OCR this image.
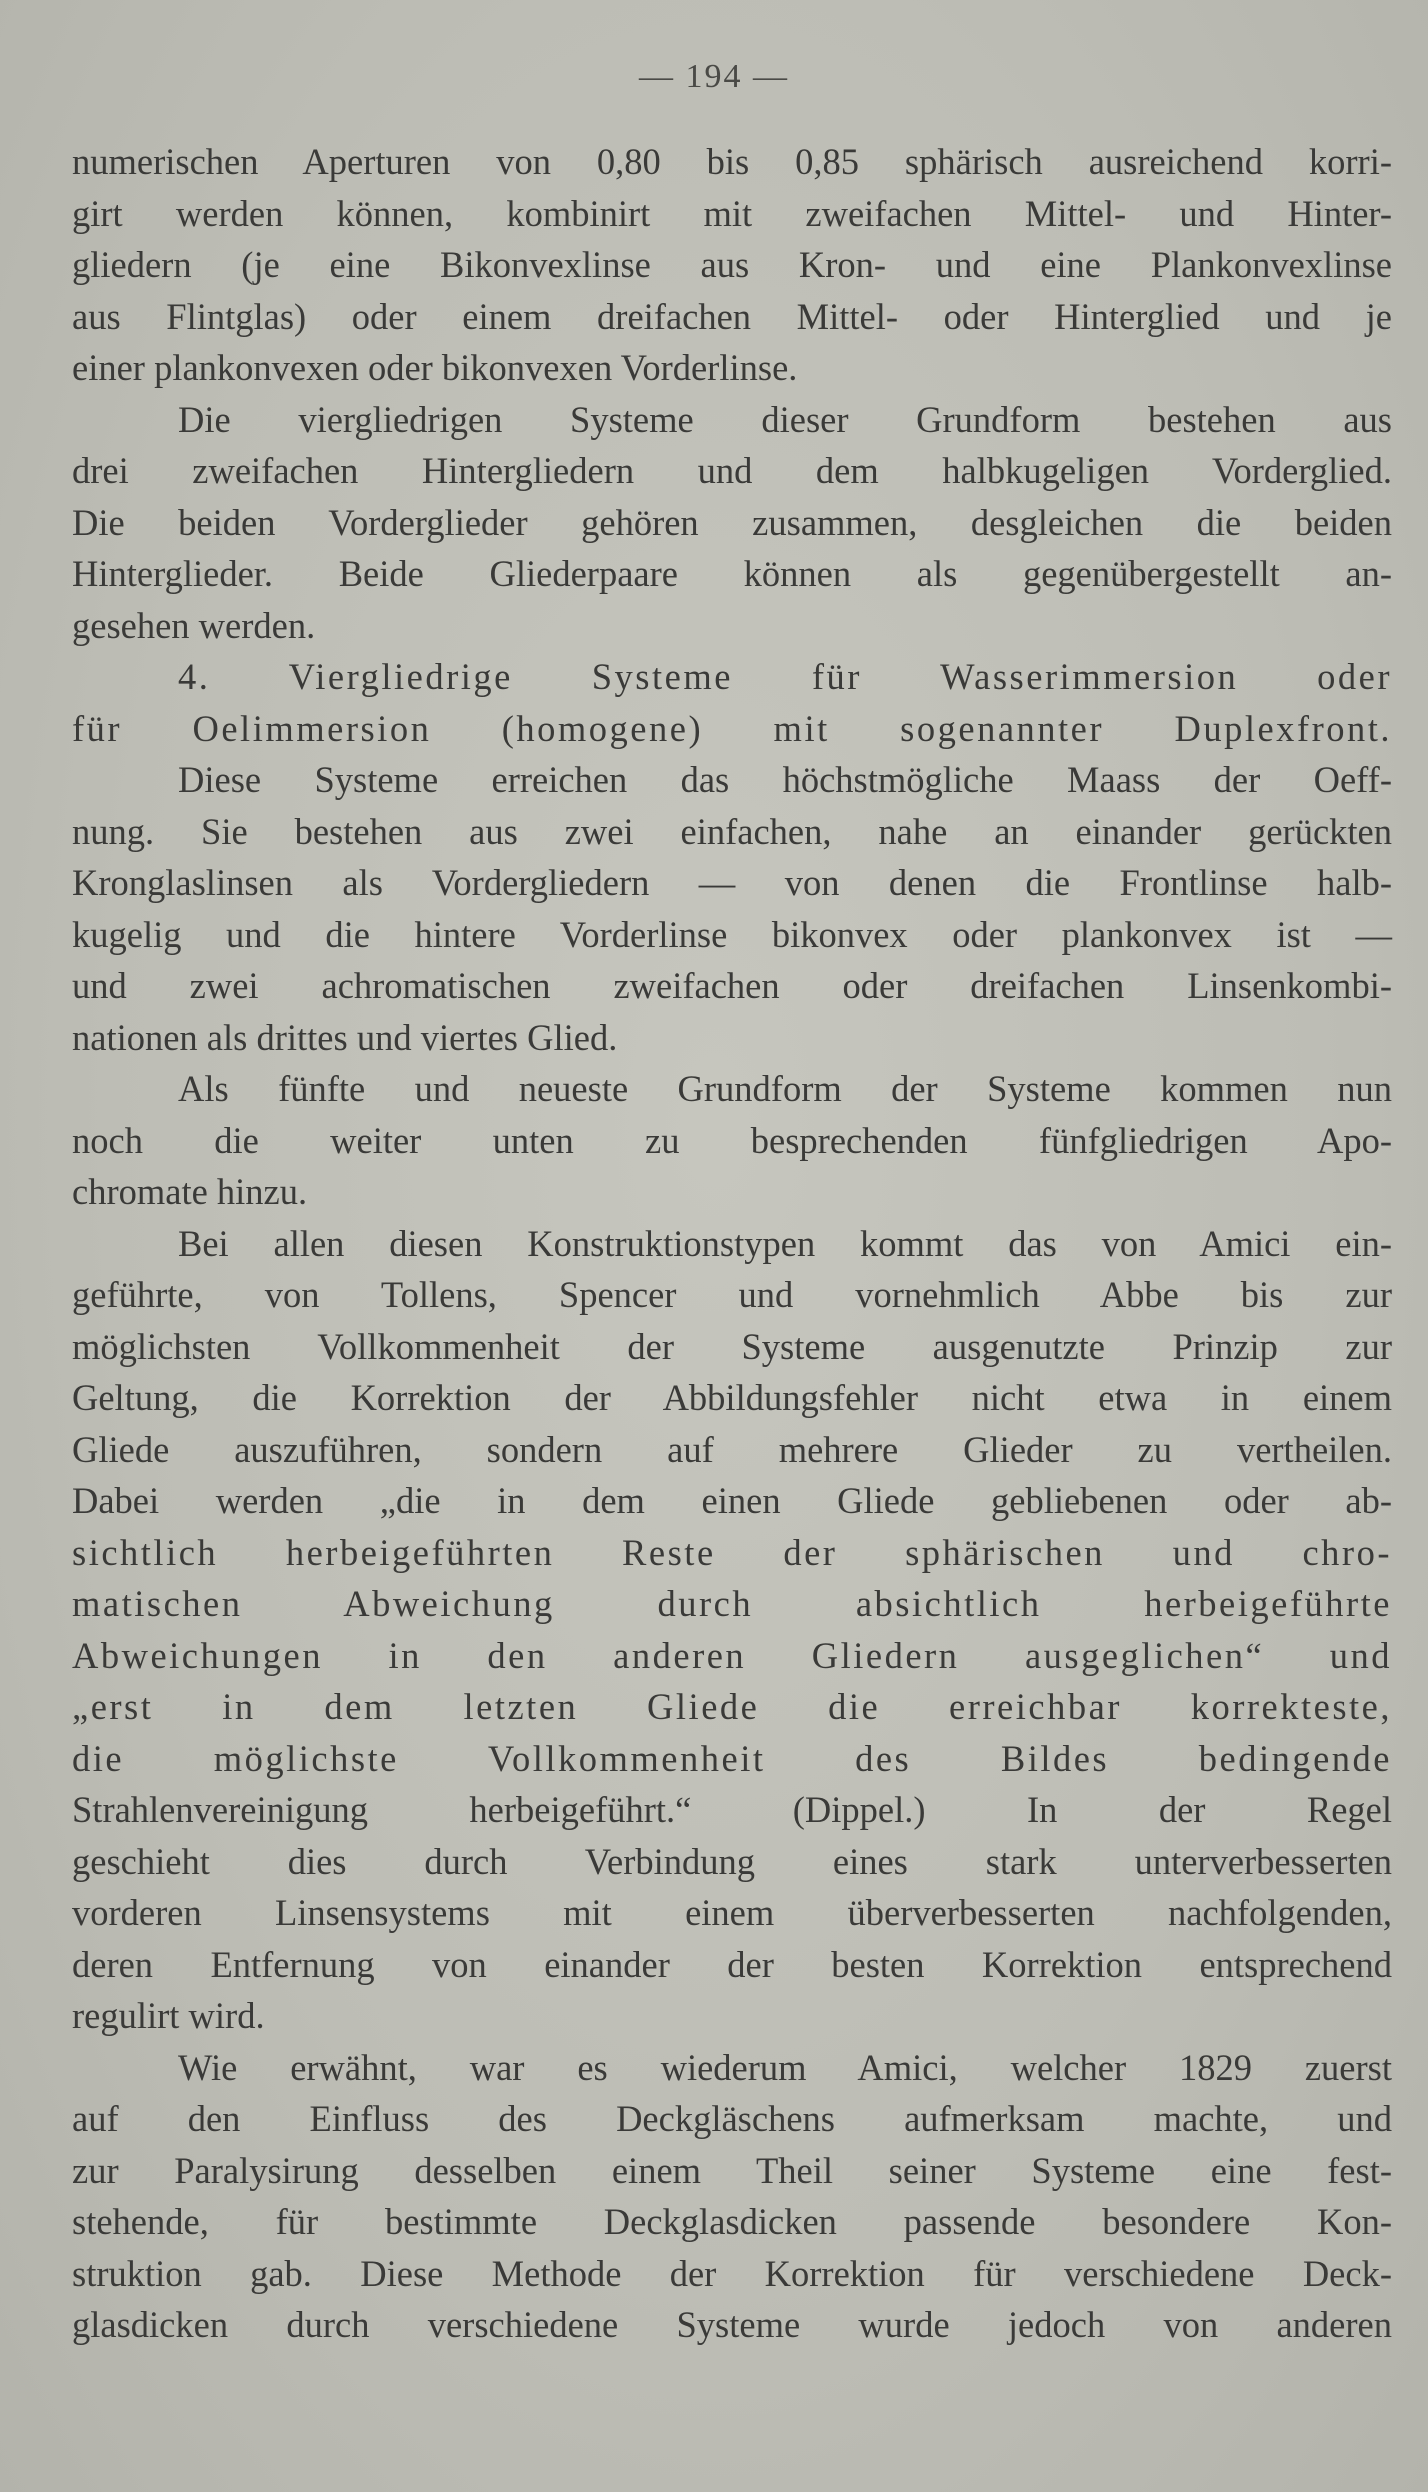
— 194 —
numerischen Aperturen von 0,80 bis 0,85 sphärisch ausreichend korri-
girt werden können, kombinirt mit zweifachen Mittel- und Hinter-
gliedern (je eine Bikonvexlinse aus Kron- und eine Plankonvexlinse
aus Flintglas) oder einem dreifachen Mittel- oder Hinterglied und je
einer plankonvexen oder bikonvexen Vorderlinse.
Die viergliedrigen Systeme dieser Grundform bestehen aus
drei zweifachen Hintergliedern und dem halbkugeligen Vorderglied.
Die beiden Vorderglieder gehören zusammen, desgleichen die beiden
Hinterglieder. Beide Gliederpaare können als gegenübergestellt an-
gesehen werden.
4. Viergliedrige Systeme für Wasserimmersion oder
für Oelimmersion (homogene) mit sogenannter Duplexfront.
Diese Systeme erreichen das höchstmögliche Maass der Oeff-
nung. Sie bestehen aus zwei einfachen, nahe an einander gerückten
Kronglaslinsen als Vordergliedern — von denen die Frontlinse halb-
kugelig und die hintere Vorderlinse bikonvex oder plankonvex ist —
und zwei achromatischen zweifachen oder dreifachen Linsenkombi-
nationen als drittes und viertes Glied.
Als fünfte und neueste Grundform der Systeme kommen nun
noch die weiter unten zu besprechenden fünfgliedrigen Apo-
chromate hinzu.
Bei allen diesen Konstruktionstypen kommt das von Amici ein-
geführte, von Tollens, Spencer und vornehmlich Abbe bis zur
möglichsten Vollkommenheit der Systeme ausgenutzte Prinzip zur
Geltung, die Korrektion der Abbildungsfehler nicht etwa in einem
Gliede auszuführen, sondern auf mehrere Glieder zu vertheilen.
Dabei werden „die in dem einen Gliede gebliebenen oder ab-
sichtlich herbeigeführten Reste der sphärischen und chro-
matischen Abweichung durch absichtlich herbeigeführte
Abweichungen in den anderen Gliedern ausgeglichen“ und
„erst in dem letzten Gliede die erreichbar korrekteste,
die möglichste Vollkommenheit des Bildes bedingende
Strahlenvereinigung herbeigeführt.“ (Dippel.) In der Regel
geschieht dies durch Verbindung eines stark unterverbesserten
vorderen Linsensystems mit einem überverbesserten nachfolgenden,
deren Entfernung von einander der besten Korrektion entsprechend
regulirt wird.
Wie erwähnt, war es wiederum Amici, welcher 1829 zuerst
auf den Einfluss des Deckgläschens aufmerksam machte, und
zur Paralysirung desselben einem Theil seiner Systeme eine fest-
stehende, für bestimmte Deckglasdicken passende besondere Kon-
struktion gab. Diese Methode der Korrektion für verschiedene Deck-
glasdicken durch verschiedene Systeme wurde jedoch von anderen
